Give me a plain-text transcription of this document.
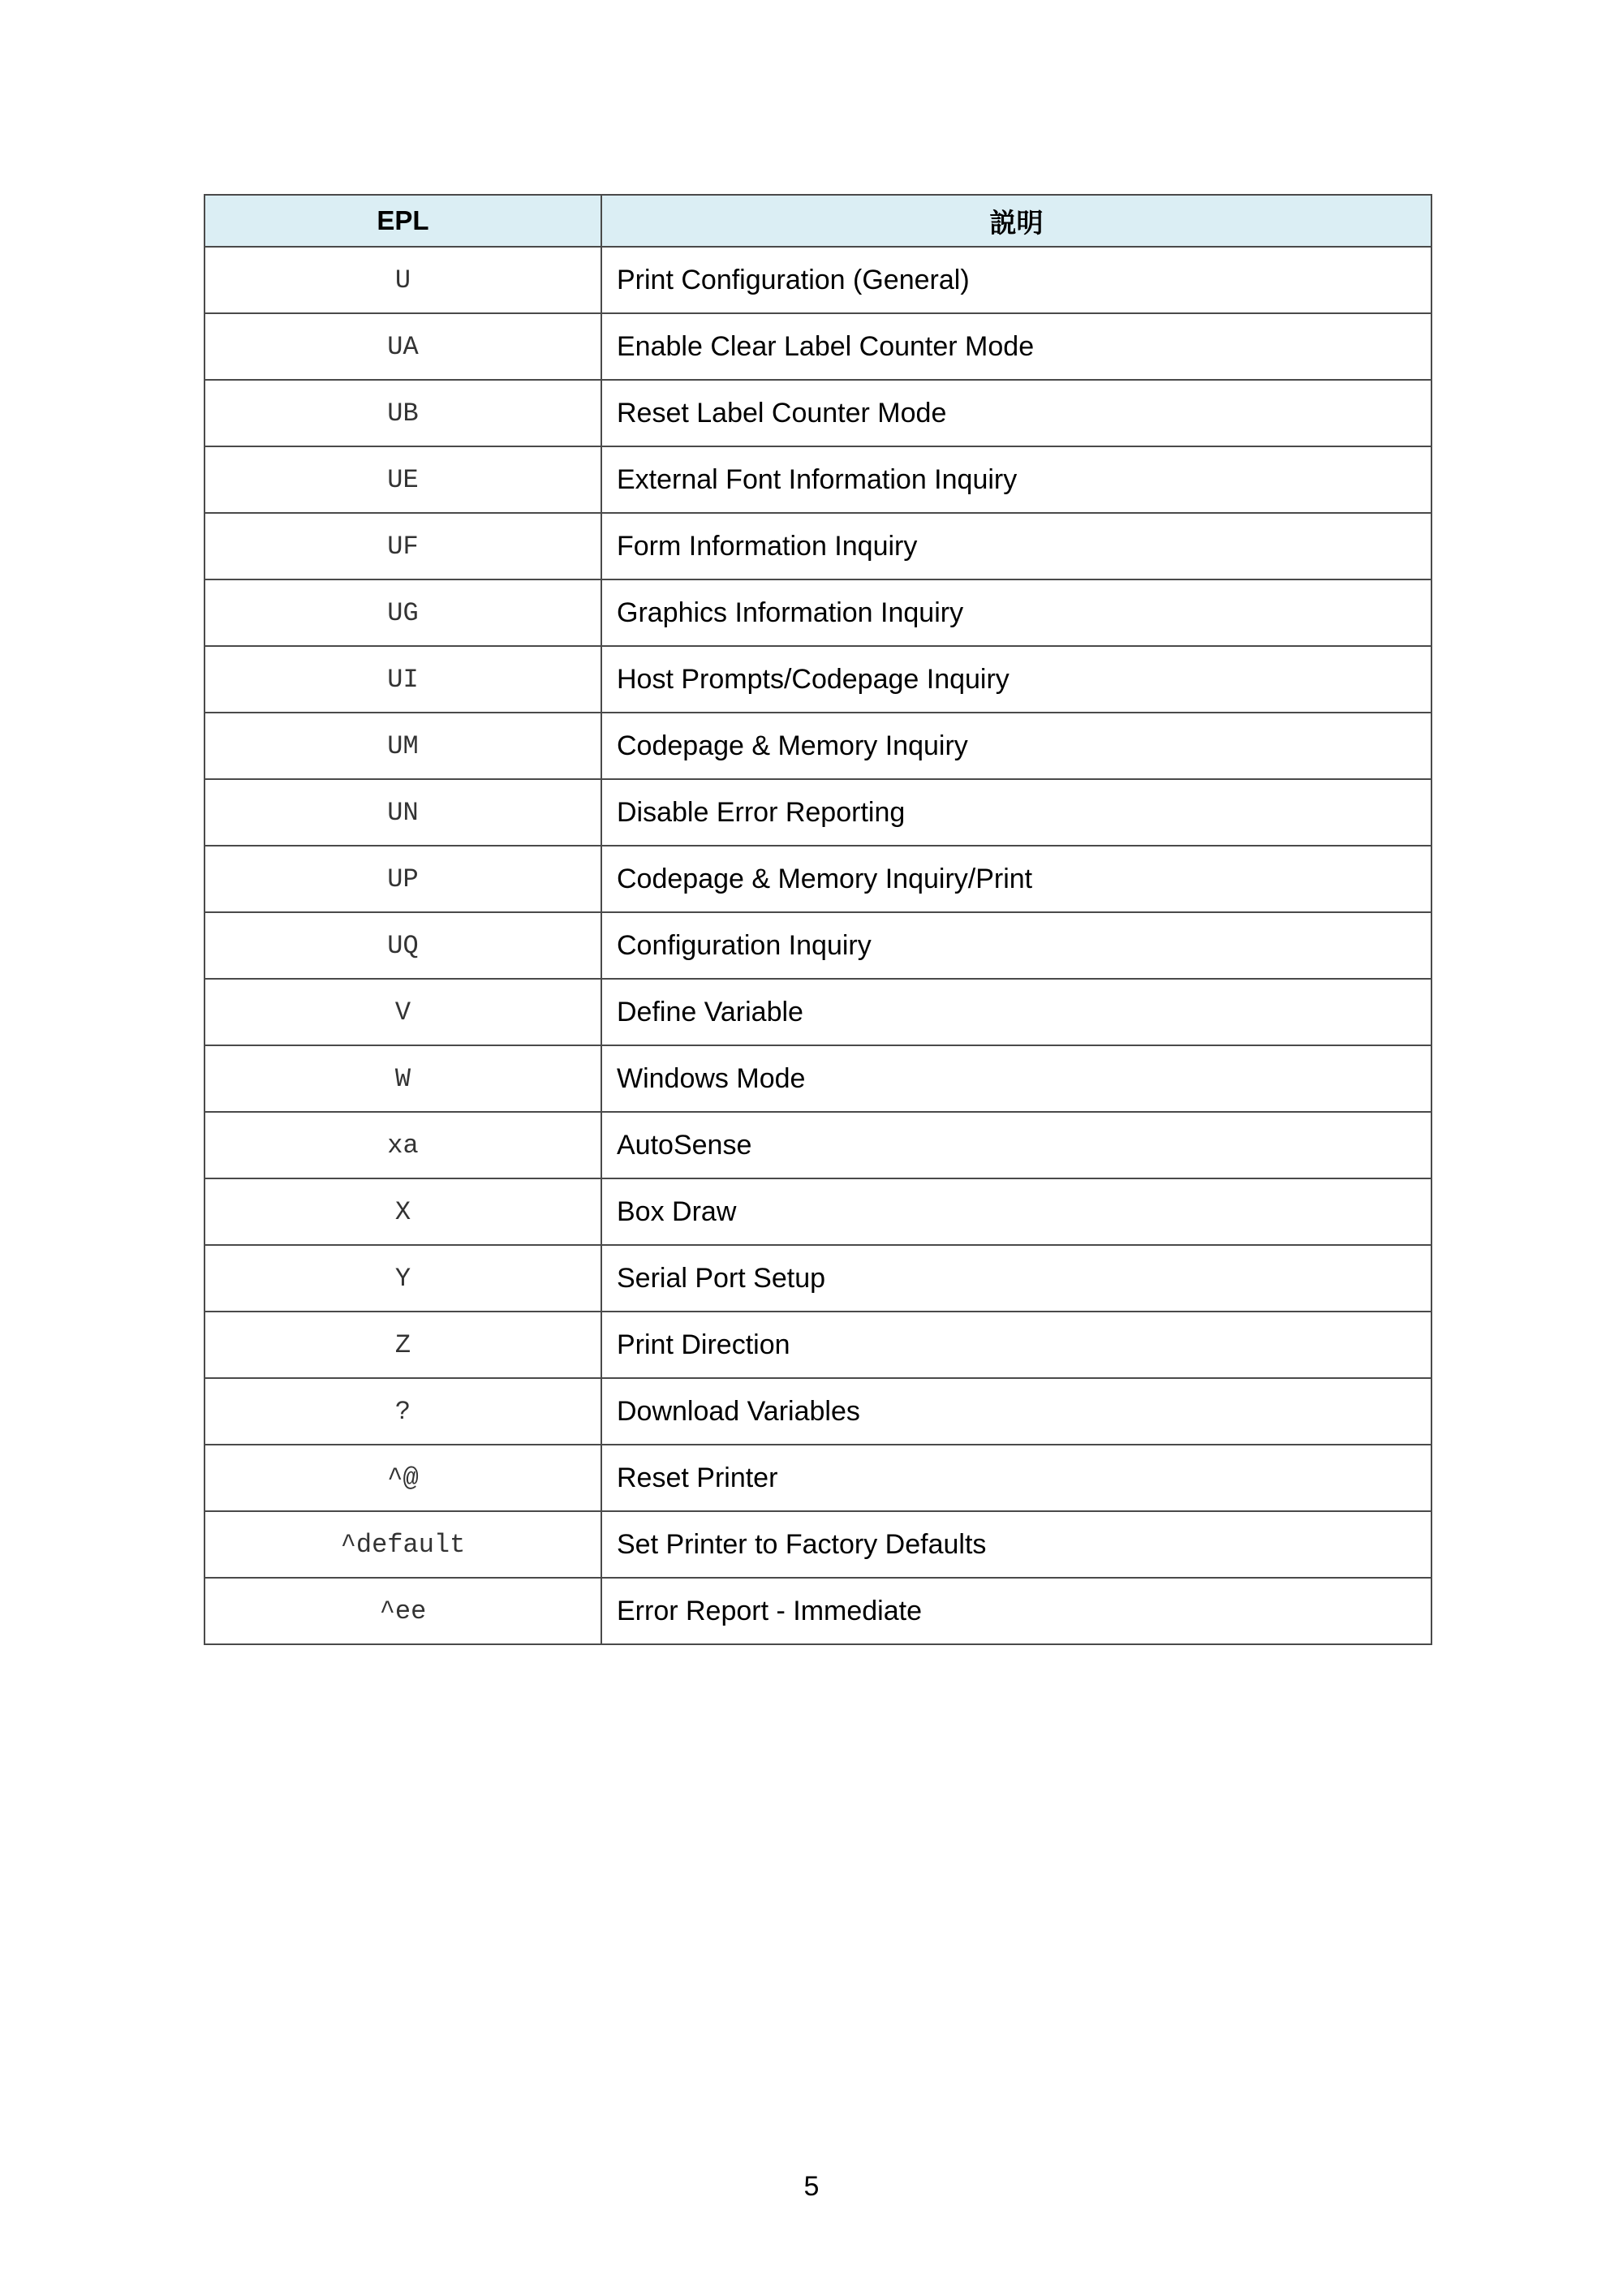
EPL	説明
U	Print Configuration (General)
UA	Enable Clear Label Counter Mode
UB	Reset Label Counter Mode
UE	External Font Information Inquiry
UF	Form Information Inquiry
UG	Graphics Information Inquiry
UI	Host Prompts/Codepage Inquiry
UM	Codepage & Memory Inquiry
UN	Disable Error Reporting
UP	Codepage & Memory Inquiry/Print
UQ	Configuration Inquiry
V	Define Variable
W	Windows Mode
xa	AutoSense
X	Box Draw
Y	Serial Port Setup
Z	Print Direction
?	Download Variables
^@	Reset Printer
^default	Set Printer to Factory Defaults
^ee	Error Report - Immediate
5
